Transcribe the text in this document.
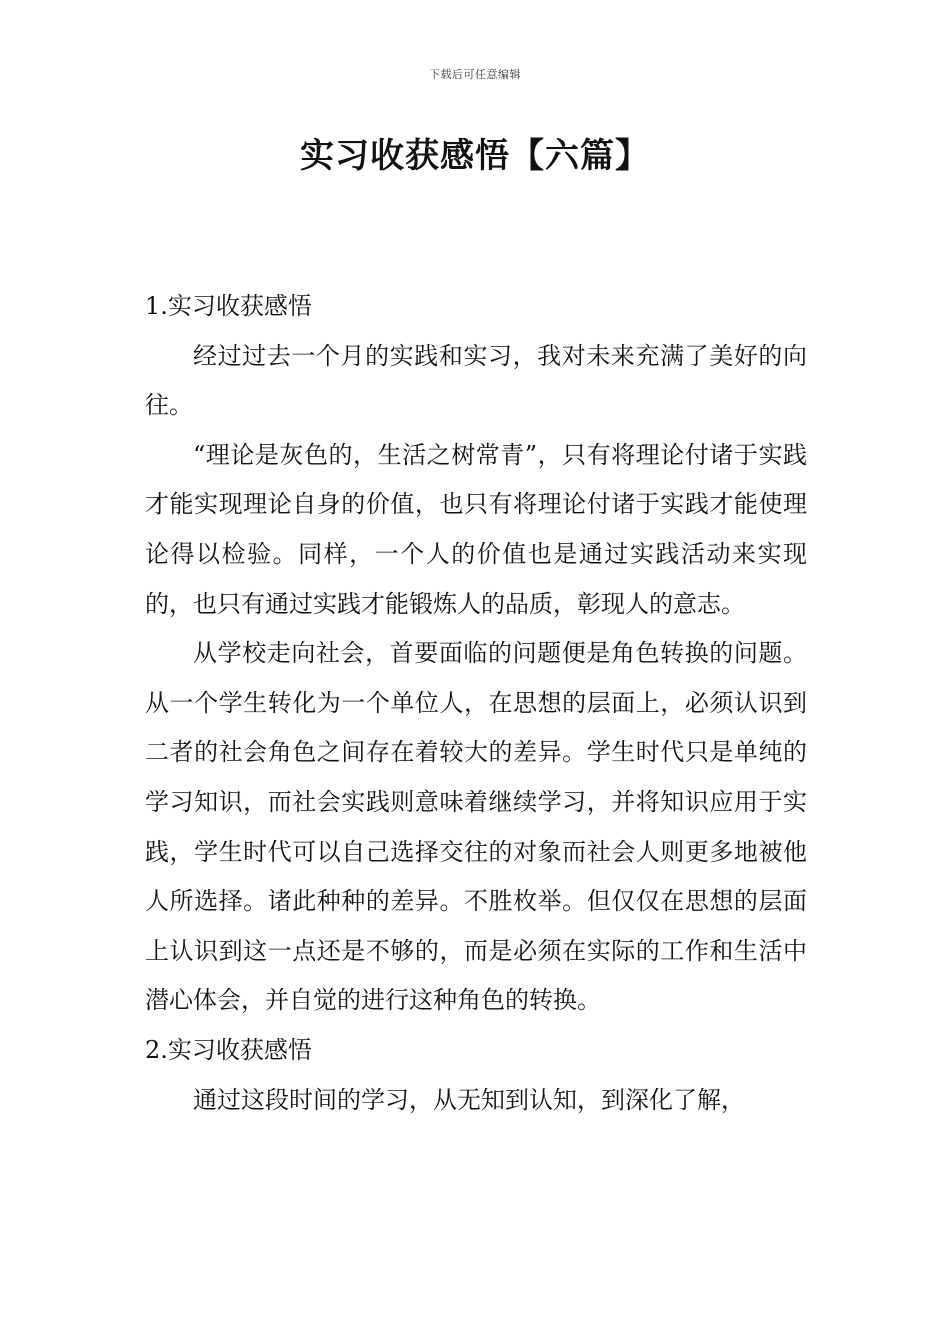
下载后可任意编辑
实习收获感悟【六篇】

1.实习收获感悟

经过过去一个月的实践和实习，我对未来充满了美好的向往。

“理论是灰色的，生活之树常青”，只有将理论付诸于实践才能实现理论自身的价值，也只有将理论付诸于实践才能使理论得以检验。同样，一个人的价值也是通过实践活动来实现的，也只有通过实践才能锻炼人的品质，彰现人的意志。

从学校走向社会，首要面临的问题便是角色转换的问题。从一个学生转化为一个单位人，在思想的层面上，必须认识到二者的社会角色之间存在着较大的差异。学生时代只是单纯的学习知识，而社会实践则意味着继续学习，并将知识应用于实践，学生时代可以自己选择交往的对象而社会人则更多地被他人所选择。诸此种种的差异。不胜枚举。但仅仅在思想的层面上认识到这一点还是不够的，而是必须在实际的工作和生活中潜心体会，并自觉的进行这种角色的转换。

2.实习收获感悟

通过这段时间的学习，从无知到认知，到深化了解，
